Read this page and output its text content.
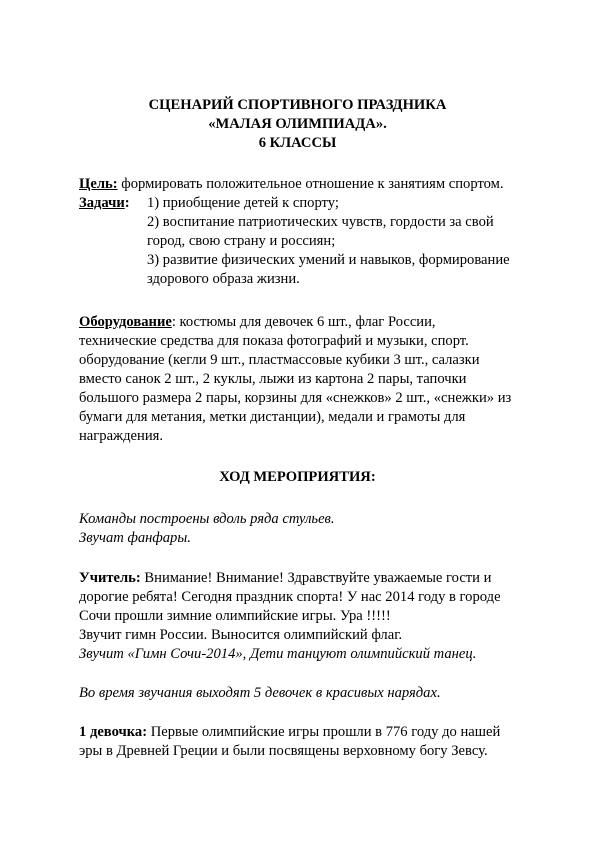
СЦЕНАРИЙ СПОРТИВНОГО ПРАЗДНИКА
«МАЛАЯ ОЛИМПИАДА».
6 КЛАССЫ
Цель: формировать положительное отношение к занятиям спортом.
Задачи: 1) приобщение детей к спорту;
2) воспитание патриотических чувств, гордости за свой
город, свою страну и россиян;
3) развитие физических умений и навыков, формирование
здорового образа жизни.
Оборудование: костюмы для девочек 6 шт., флаг России,
технические средства для показа фотографий и музыки, спорт.
оборудование (кегли 9 шт., пластмассовые кубики 3 шт., салазки
вместо санок 2 шт., 2 куклы, лыжи из картона 2 пары, тапочки
большого размера 2 пары, корзины для «снежков» 2 шт., «снежки» из
бумаги для метания, метки дистанции), медали и грамоты для
награждения.
ХОД МЕРОПРИЯТИЯ:
Команды построены вдоль ряда стульев.
Звучат фанфары.
Учитель: Внимание! Внимание! Здравствуйте уважаемые гости и
дорогие ребята! Сегодня праздник спорта! У нас 2014 году в городе
Сочи прошли зимние олимпийские игры. Ура !!!!!
Звучит гимн России. Выносится олимпийский флаг.
Звучит «Гимн Сочи-2014», Дети танцуют олимпийский танец.
Во время звучания выходят 5 девочек в красивых нарядах.
1 девочка: Первые олимпийские игры прошли в 776 году до нашей
эры в Древней Греции и были посвящены верховному богу Зевсу.
